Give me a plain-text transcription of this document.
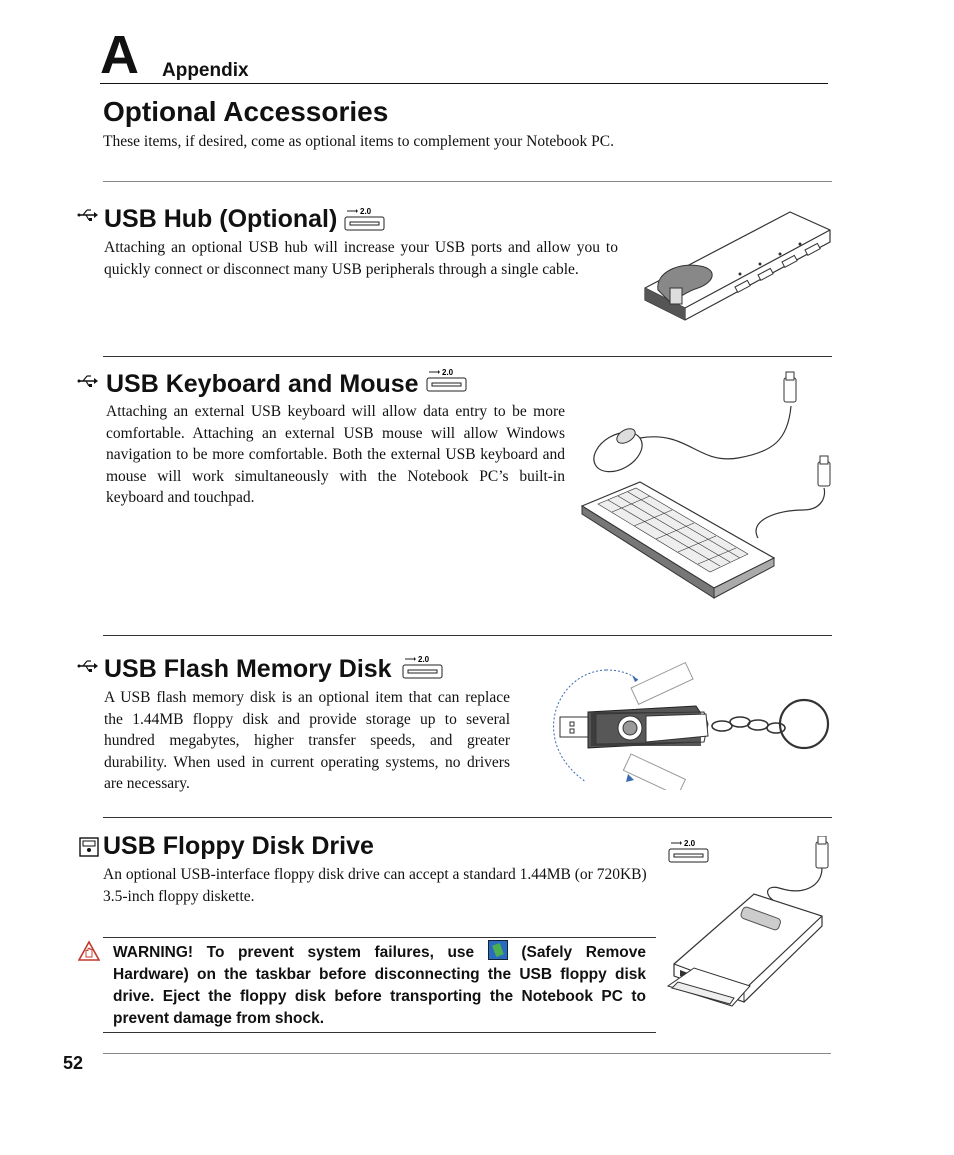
A Appendix
Optional Accessories
These items, if desired, come as optional items to complement your Notebook PC.
USB Hub (Optional)	2.0
Attaching an optional USB hub will increase your USB ports and allow you to quickly connect or disconnect many USB peripherals through a single cable.
USB Keyboard and Mouse	2.0
Attaching an external USB keyboard will allow data entry to be more comfortable. Attaching an external USB mouse will allow Windows navigation to be more comfortable. Both the external USB keyboard and mouse will work simultaneously with the Notebook PC’s built-in keyboard and touchpad.
USB Flash Memory Disk	2.0
A USB flash memory disk is an optional item that can replace the 1.44MB floppy disk and provide storage up to several hundred megabytes, higher transfer speeds, and greater durability. When used in current operating systems, no drivers are necessary.
USB Floppy Disk Drive
An optional USB-interface floppy disk drive can accept a standard 1.44MB (or 720KB) 3.5-inch floppy diskette.
2.0
WARNING! To prevent system failures, use	(Safely Remove Hardware) on the taskbar before disconnecting the USB floppy disk drive. Eject the floppy disk before transporting the Notebook PC to prevent damage from shock.
52
